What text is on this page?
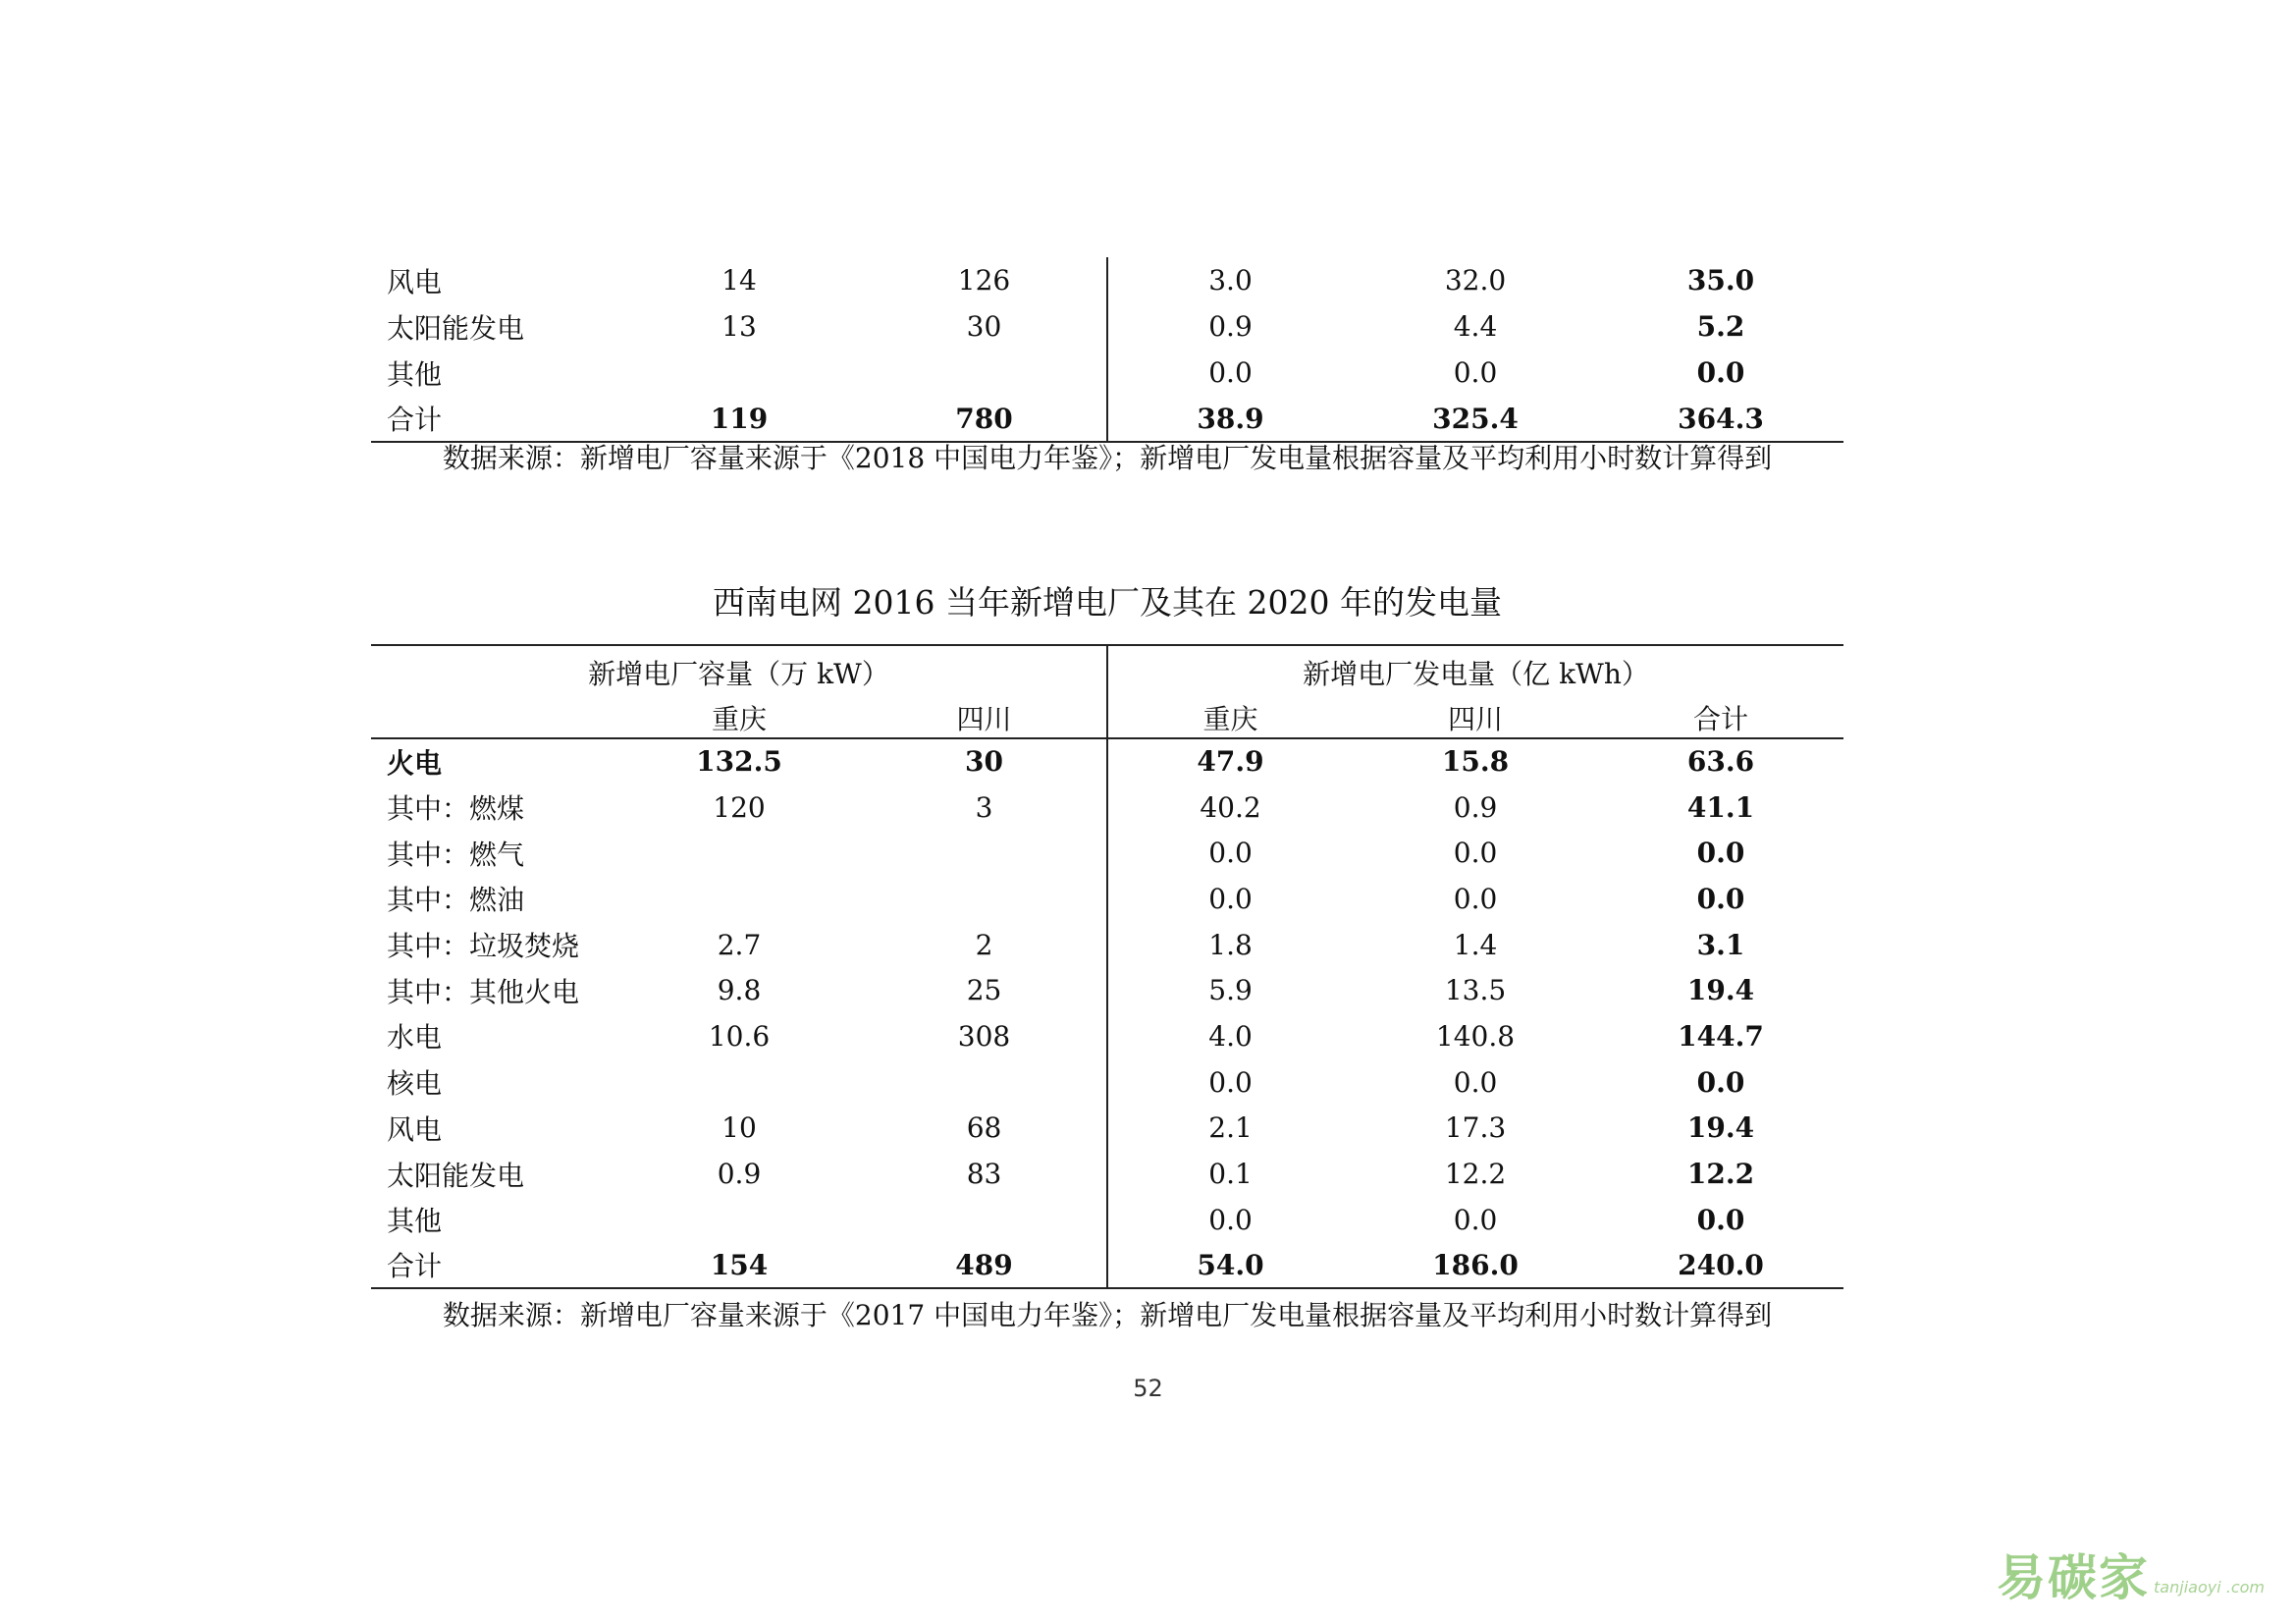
风电	14	126	3.0	32.0	35.0
太阳能发电	13	30	0.9	4.4	5.2
其他			0.0	0.0	0.0
合计	119	780	38.9	325.4	364.3
数据来源：新增电厂容量来源于《2018 中国电力年鉴》；新增电厂发电量根据容量及平均利用小时数计算得到
西南电网 2016 当年新增电厂及其在 2020 年的发电量
新增电厂容量（万 kW）			新增电厂发电量（亿 kWh）		
	重庆	四川	重庆	四川	合计
火电	132.5	30	47.9	15.8	63.6
其中：燃煤	120	3	40.2	0.9	41.1
其中：燃气			0.0	0.0	0.0
其中：燃油			0.0	0.0	0.0
其中：垃圾焚烧	2.7	2	1.8	1.4	3.1
其中：其他火电	9.8	25	5.9	13.5	19.4
水电	10.6	308	4.0	140.8	144.7
核电			0.0	0.0	0.0
风电	10	68	2.1	17.3	19.4
太阳能发电	0.9	83	0.1	12.2	12.2
其他			0.0	0.0	0.0
合计	154	489	54.0	186.0	240.0
数据来源：新增电厂容量来源于《2017 中国电力年鉴》；新增电厂发电量根据容量及平均利用小时数计算得到
52
易碳家 tanjiaoyi .com
